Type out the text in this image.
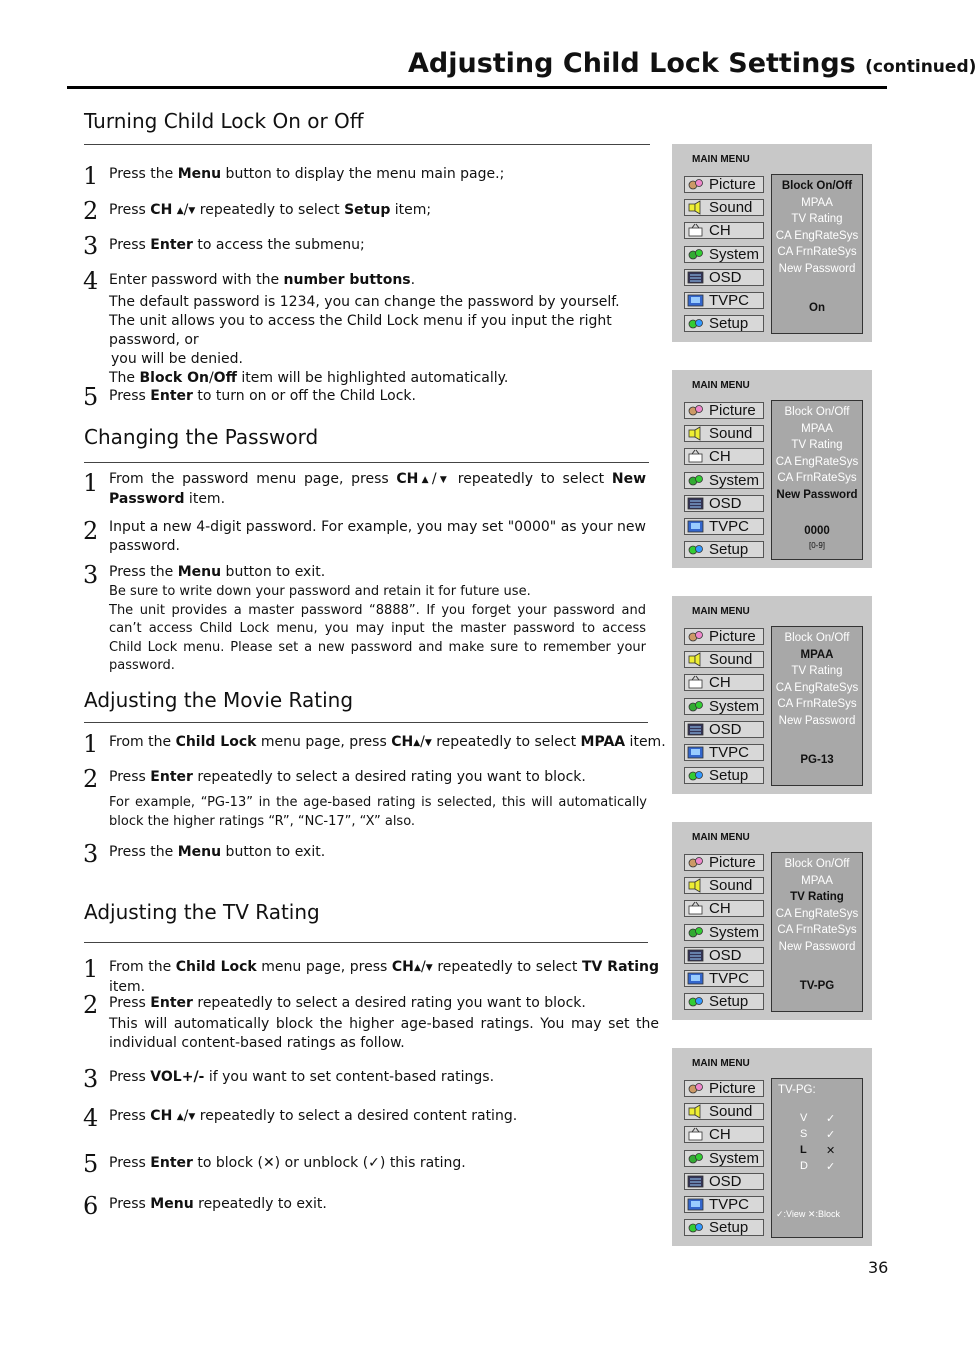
Adjusting Child Lock Settings (continued)
Turning Child Lock On or Off
1 Press the Menu button to display the menu main page.;
2 Press CH ▲/▼ repeatedly to select Setup item;
3 Press Enter to access the submenu;
4 Enter password with the number buttons.
The default password is 1234, you can change the password by yourself.
The unit allows you to access the Child Lock menu if you input the right password, or
you will be denied.
The Block On/Off item will be highlighted automatically.
5 Press Enter to turn on or off the Child Lock.
Changing the Password
1 From the password menu page, press CH▲/▼ repeatedly to select New Password item.
2 Input a new 4-digit password. For example, you may set "0000" as your new password.
3 Press the Menu button to exit.
Be sure to write down your password and retain it for future use.
The unit provides a master password “8888”. If you forget your password and can’t access Child Lock menu, you may input the master password to access Child Lock menu. Please set a new password and make sure to remember your password.
Adjusting the Movie Rating
1 From the Child Lock menu page, press CH▲/▼ repeatedly to select MPAA item.
2 Press Enter repeatedly to select a desired rating you want to block.
For example, “PG-13” in the age-based rating is selected, this will automatically block the higher ratings “R”, “NC-17”, “X” also.
3 Press the Menu button to exit.
Adjusting the TV Rating
1 From the Child Lock menu page, press CH▲/▼ repeatedly to select TV Rating item.
2 Press Enter repeatedly to select a desired rating you want to block.
This will automatically block the higher age-based ratings. You may set the individual content-based ratings as follow.
3 Press VOL+/- if you want to set content-based ratings.
4 Press CH ▲/▼ repeatedly to select a desired content rating.
5 Press Enter to block (✕) or unblock (✓) this rating.
6 Press Menu repeatedly to exit.
MAIN MENU
Picture
Sound
CH
System
OSD
TVPC
Setup
Block On/Off
MPAA
TV Rating
CA EngRateSys
CA FrnRateSys
New Password
On
MAIN MENU
Picture
Sound
CH
System
OSD
TVPC
Setup
Block On/Off
MPAA
TV Rating
CA EngRateSys
CA FrnRateSys
New Password
0000
[0-9]
MAIN MENU
Picture
Sound
CH
System
OSD
TVPC
Setup
Block On/Off
MPAA
TV Rating
CA EngRateSys
CA FrnRateSys
New Password
PG-13
MAIN MENU
Picture
Sound
CH
System
OSD
TVPC
Setup
Block On/Off
MPAA
TV Rating
CA EngRateSys
CA FrnRateSys
New Password
TV-PG
MAIN MENU
Picture
Sound
CH
System
OSD
TVPC
Setup
TV-PG:
V ✓
S ✓
L ✕
D ✓
✓:View ✕:Block
36
